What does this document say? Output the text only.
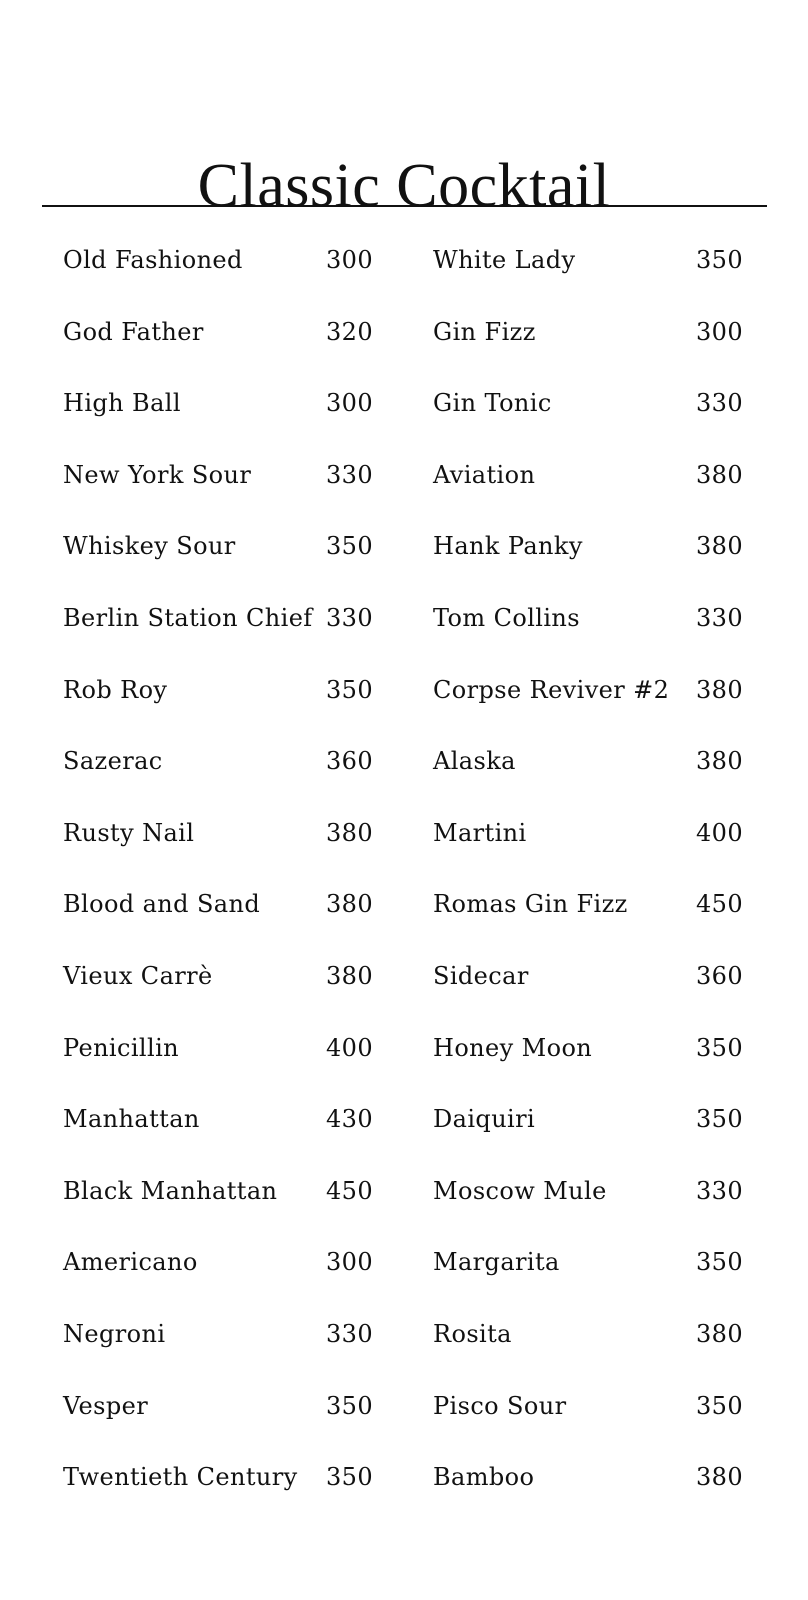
Classic Cocktail
Old Fashioned	300
God Father	320
High Ball	300
New York Sour	330
Whiskey Sour	350
Berlin Station Chief 330
Rob Roy	350
Sazerac	360
Rusty Nail	380
Blood and Sand	380
Vieux Carrè	380
Penicillin	400
Manhattan	430
Black Manhattan 450
Americano	300
Negroni	330
Vesper	350
Twentieth Century 350
White Lady	350
Gin Fizz	300
Gin Tonic	330
Aviation	380
Hank Panky	380
Tom Collins	330
Corpse Reviver #2 380
Alaska	380
Martini	400
Romas Gin Fizz	450
Sidecar	360
Honey Moon	350
Daiquiri	350
Moscow Mule	330
Margarita	350
Rosita	380
Pisco Sour	350
Bamboo	380
